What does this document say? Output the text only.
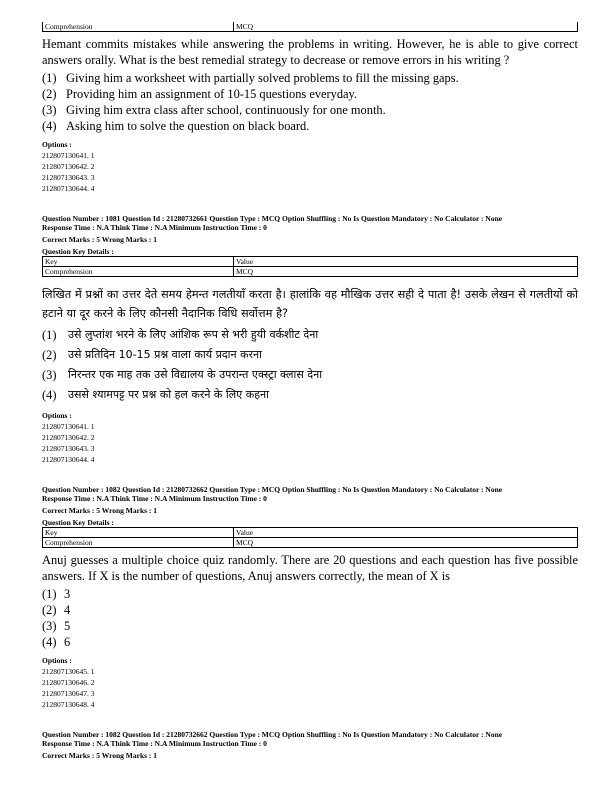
Comprehension	MCQ

Hemant commits mistakes while answering the problems in writing. However, he is able to give correct answers orally. What is the best remedial strategy to decrease or remove errors in his writing ?

(1) Giving him a worksheet with partially solved problems to fill the missing gaps.
(2) Providing him an assignment of 10-15 questions everyday.
(3) Giving him extra class after school, continuously for one month.
(4) Asking him to solve the question on black board.
Options :
212807130641. 1
212807130642. 2
212807130643. 3
212807130644. 4
Question Number : 1081 Question Id : 21280732661 Question Type : MCQ Option Shuffling : No Is Question Mandatory : No Calculator : None
Response Time : N.A Think Time : N.A Minimum Instruction Time : 0
Correct Marks : 5 Wrong Marks : 1
Question Key Details :
Key	Value
Comprehension	MCQ

लिखित में प्रश्नों का उत्तर देते समय हेमन्त गलतीयाँ करता है। हालांकि वह मौखिक उत्तर सही दे पाता है! उसके लेखन से गलतीयों को हटाने या दूर करने के लिए कौनसी नैदानिक विधि सर्वोत्तम है?

(1)	उसे लुप्तांश भरने के लिए आंशिक रूप से भरी हुयी वर्कशीट देना
(2)	उसे प्रतिदिन 10-15 प्रश्न वाला कार्य प्रदान करना
(3)	निरन्तर एक माह तक उसे विद्यालय के उपरान्त एक्स्ट्रा क्लास देना
(4)	उससे श्यामपट्ट पर प्रश्न को हल करने के लिए कहना
Options :
212807130641. 1
212807130642. 2
212807130643. 3
212807130644. 4
Question Number : 1082 Question Id : 21280732662 Question Type : MCQ Option Shuffling : No Is Question Mandatory : No Calculator : None
Response Time : N.A Think Time : N.A Minimum Instruction Time : 0
Correct Marks : 5 Wrong Marks : 1
Question Key Details :
Key	Value
Comprehension	MCQ

Anuj guesses a multiple choice quiz randomly. There are 20 questions and each question has five possible answers. If X is the number of questions, Anuj answers correctly, the mean of X is

(1) 3
(2) 4
(3) 5
(4) 6
Options :
212807130645. 1
212807130646. 2
212807130647. 3
212807130648. 4
Question Number : 1082 Question Id : 21280732662 Question Type : MCQ Option Shuffling : No Is Question Mandatory : No Calculator : None
Response Time : N.A Think Time : N.A Minimum Instruction Time : 0
Correct Marks : 5 Wrong Marks : 1
